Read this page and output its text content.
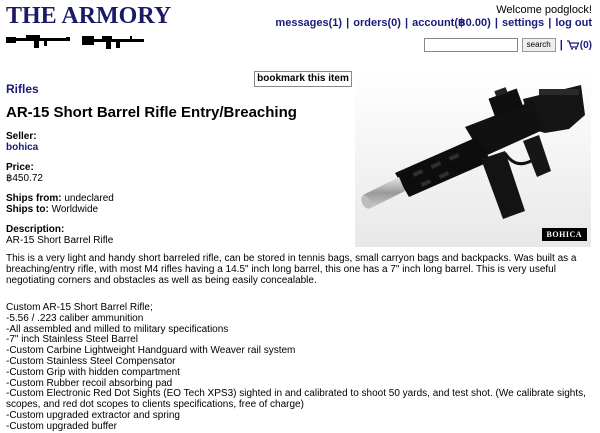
THE ARMORY	Welcome podglock!
messages(1) | orders(0) | account(฿0.00) | settings | log out
search | (0)
bookmark this item
BOHICA
Rifles
AR-15 Short Barrel Rifle Entry/Breaching
Seller:
bohica
Price:
฿450.72
Ships from: undeclared
Ships to: Worldwide
Description:
AR-15 Short Barrel Rifle

This is a very light and handy short barreled rifle, can be stored in tennis bags, small carryon bags and backpacks. Was built as a breaching/entry rifle, with most M4 rifles having a 14.5" inch long barrel, this one has a 7" inch long barrel. This is very useful negotiating corners and obstacles as well as being easily concealable.

Custom AR-15 Short Barrel Rifle;
-5.56 / .223 caliber ammunition
-All assembled and milled to military specifications
-7" inch Stainless Steel Barrel
-Custom Carbine Lightweight Handguard with Weaver rail system
-Custom Stainless Steel Compensator
-Custom Grip with hidden compartment
-Custom Rubber recoil absorbing pad
-Custom Electronic Red Dot Sights (EO Tech XPS3) sighted in and calibrated to shoot 50 yards, and test shot. (We calibrate sights, scopes, and red dot scopes to clients specifications, free of charge)
-Custom upgraded extractor and spring
-Custom upgraded buffer
